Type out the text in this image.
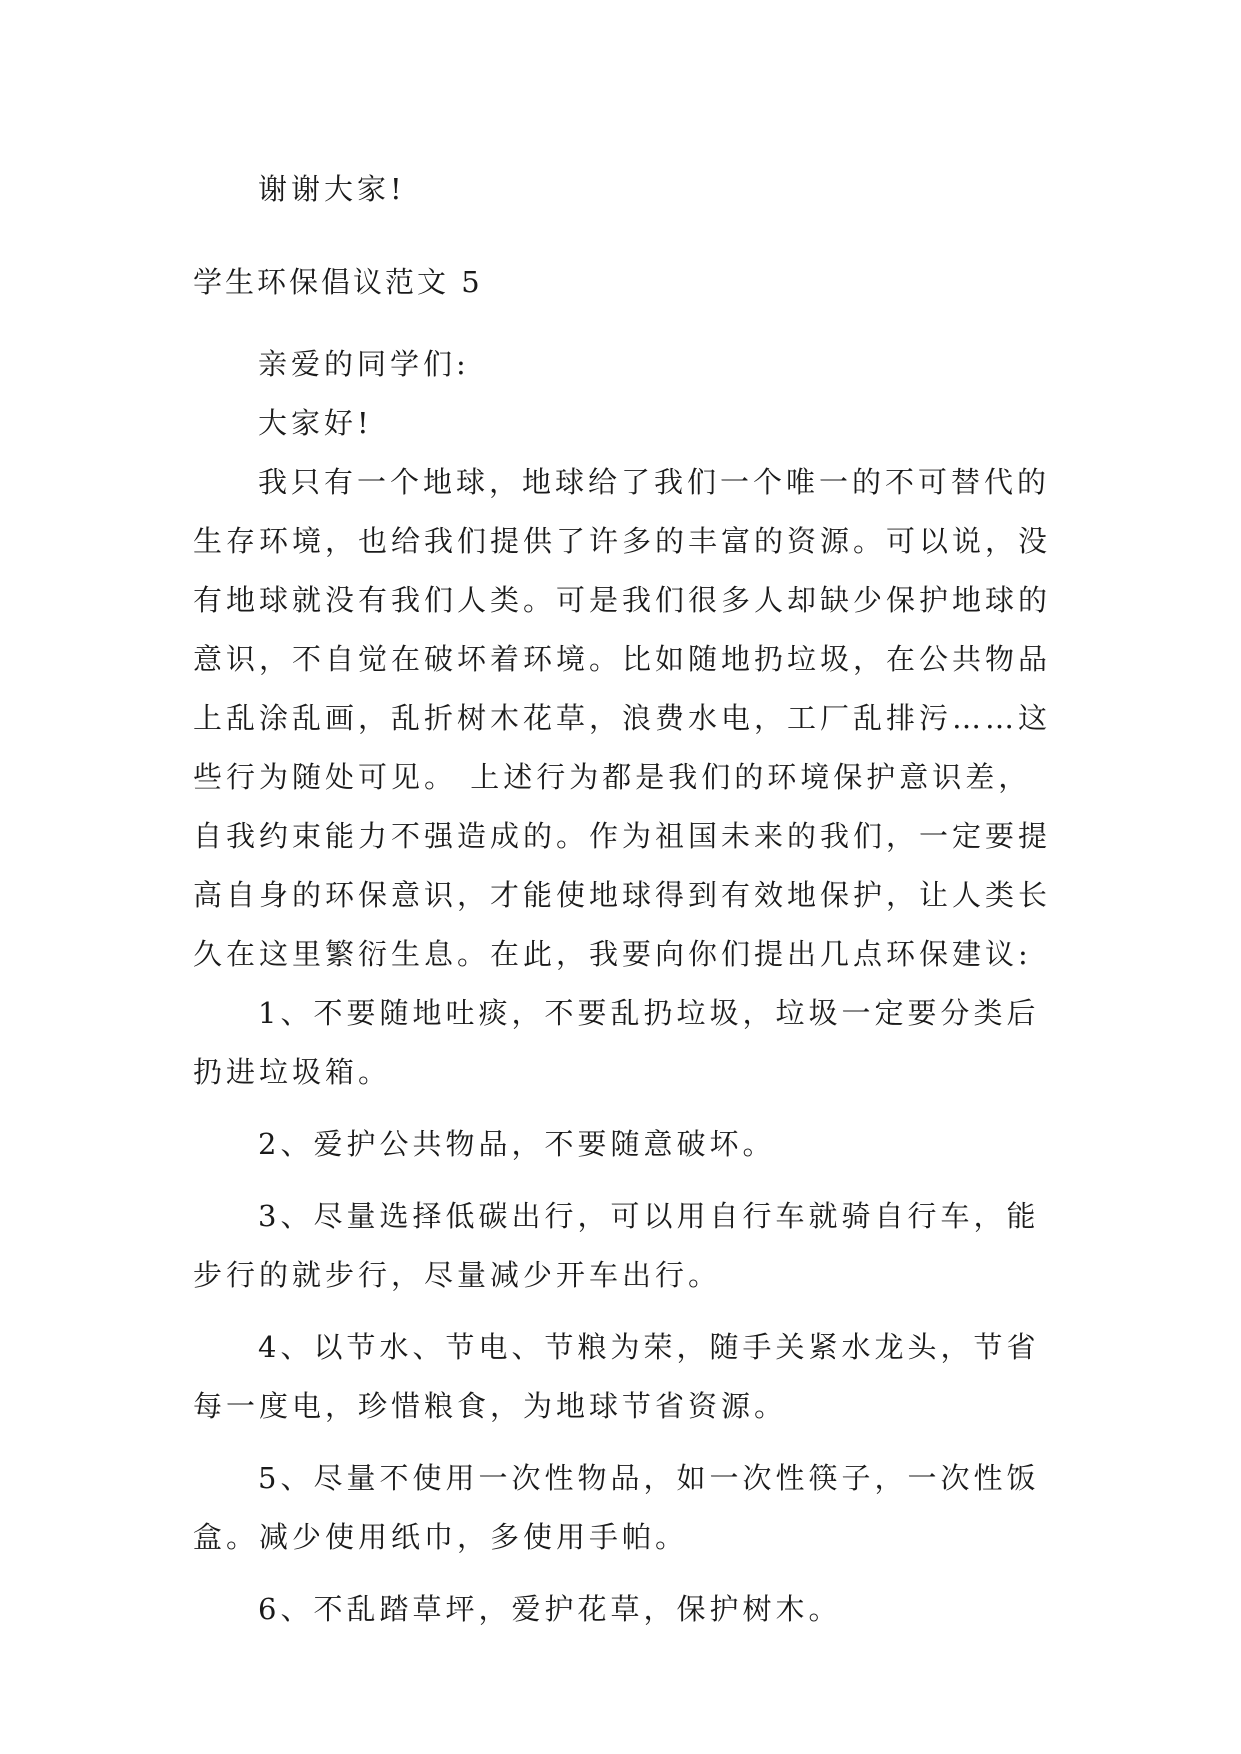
谢谢大家!
学生环保倡议范文 5
亲爱的同学们:
大家好!
我只有一个地球，地球给了我们一个唯一的不可替代的
生存环境，也给我们提供了许多的丰富的资源。可以说，没
有地球就没有我们人类。可是我们很多人却缺少保护地球的
意识，不自觉在破坏着环境。比如随地扔垃圾，在公共物品
上乱涂乱画，乱折树木花草，浪费水电，工厂乱排污……这
些行为随处可见。 上述行为都是我们的环境保护意识差，
自我约束能力不强造成的。作为祖国未来的我们，一定要提
高自身的环保意识，才能使地球得到有效地保护，让人类长
久在这里繁衍生息。在此，我要向你们提出几点环保建议:
1、不要随地吐痰，不要乱扔垃圾，垃圾一定要分类后
扔进垃圾箱。
2、爱护公共物品，不要随意破坏。
3、尽量选择低碳出行，可以用自行车就骑自行车，能
步行的就步行，尽量减少开车出行。
4、以节水、节电、节粮为荣，随手关紧水龙头，节省
每一度电，珍惜粮食，为地球节省资源。
5、尽量不使用一次性物品，如一次性筷子，一次性饭
盒。减少使用纸巾，多使用手帕。
6、不乱踏草坪，爱护花草，保护树木。
